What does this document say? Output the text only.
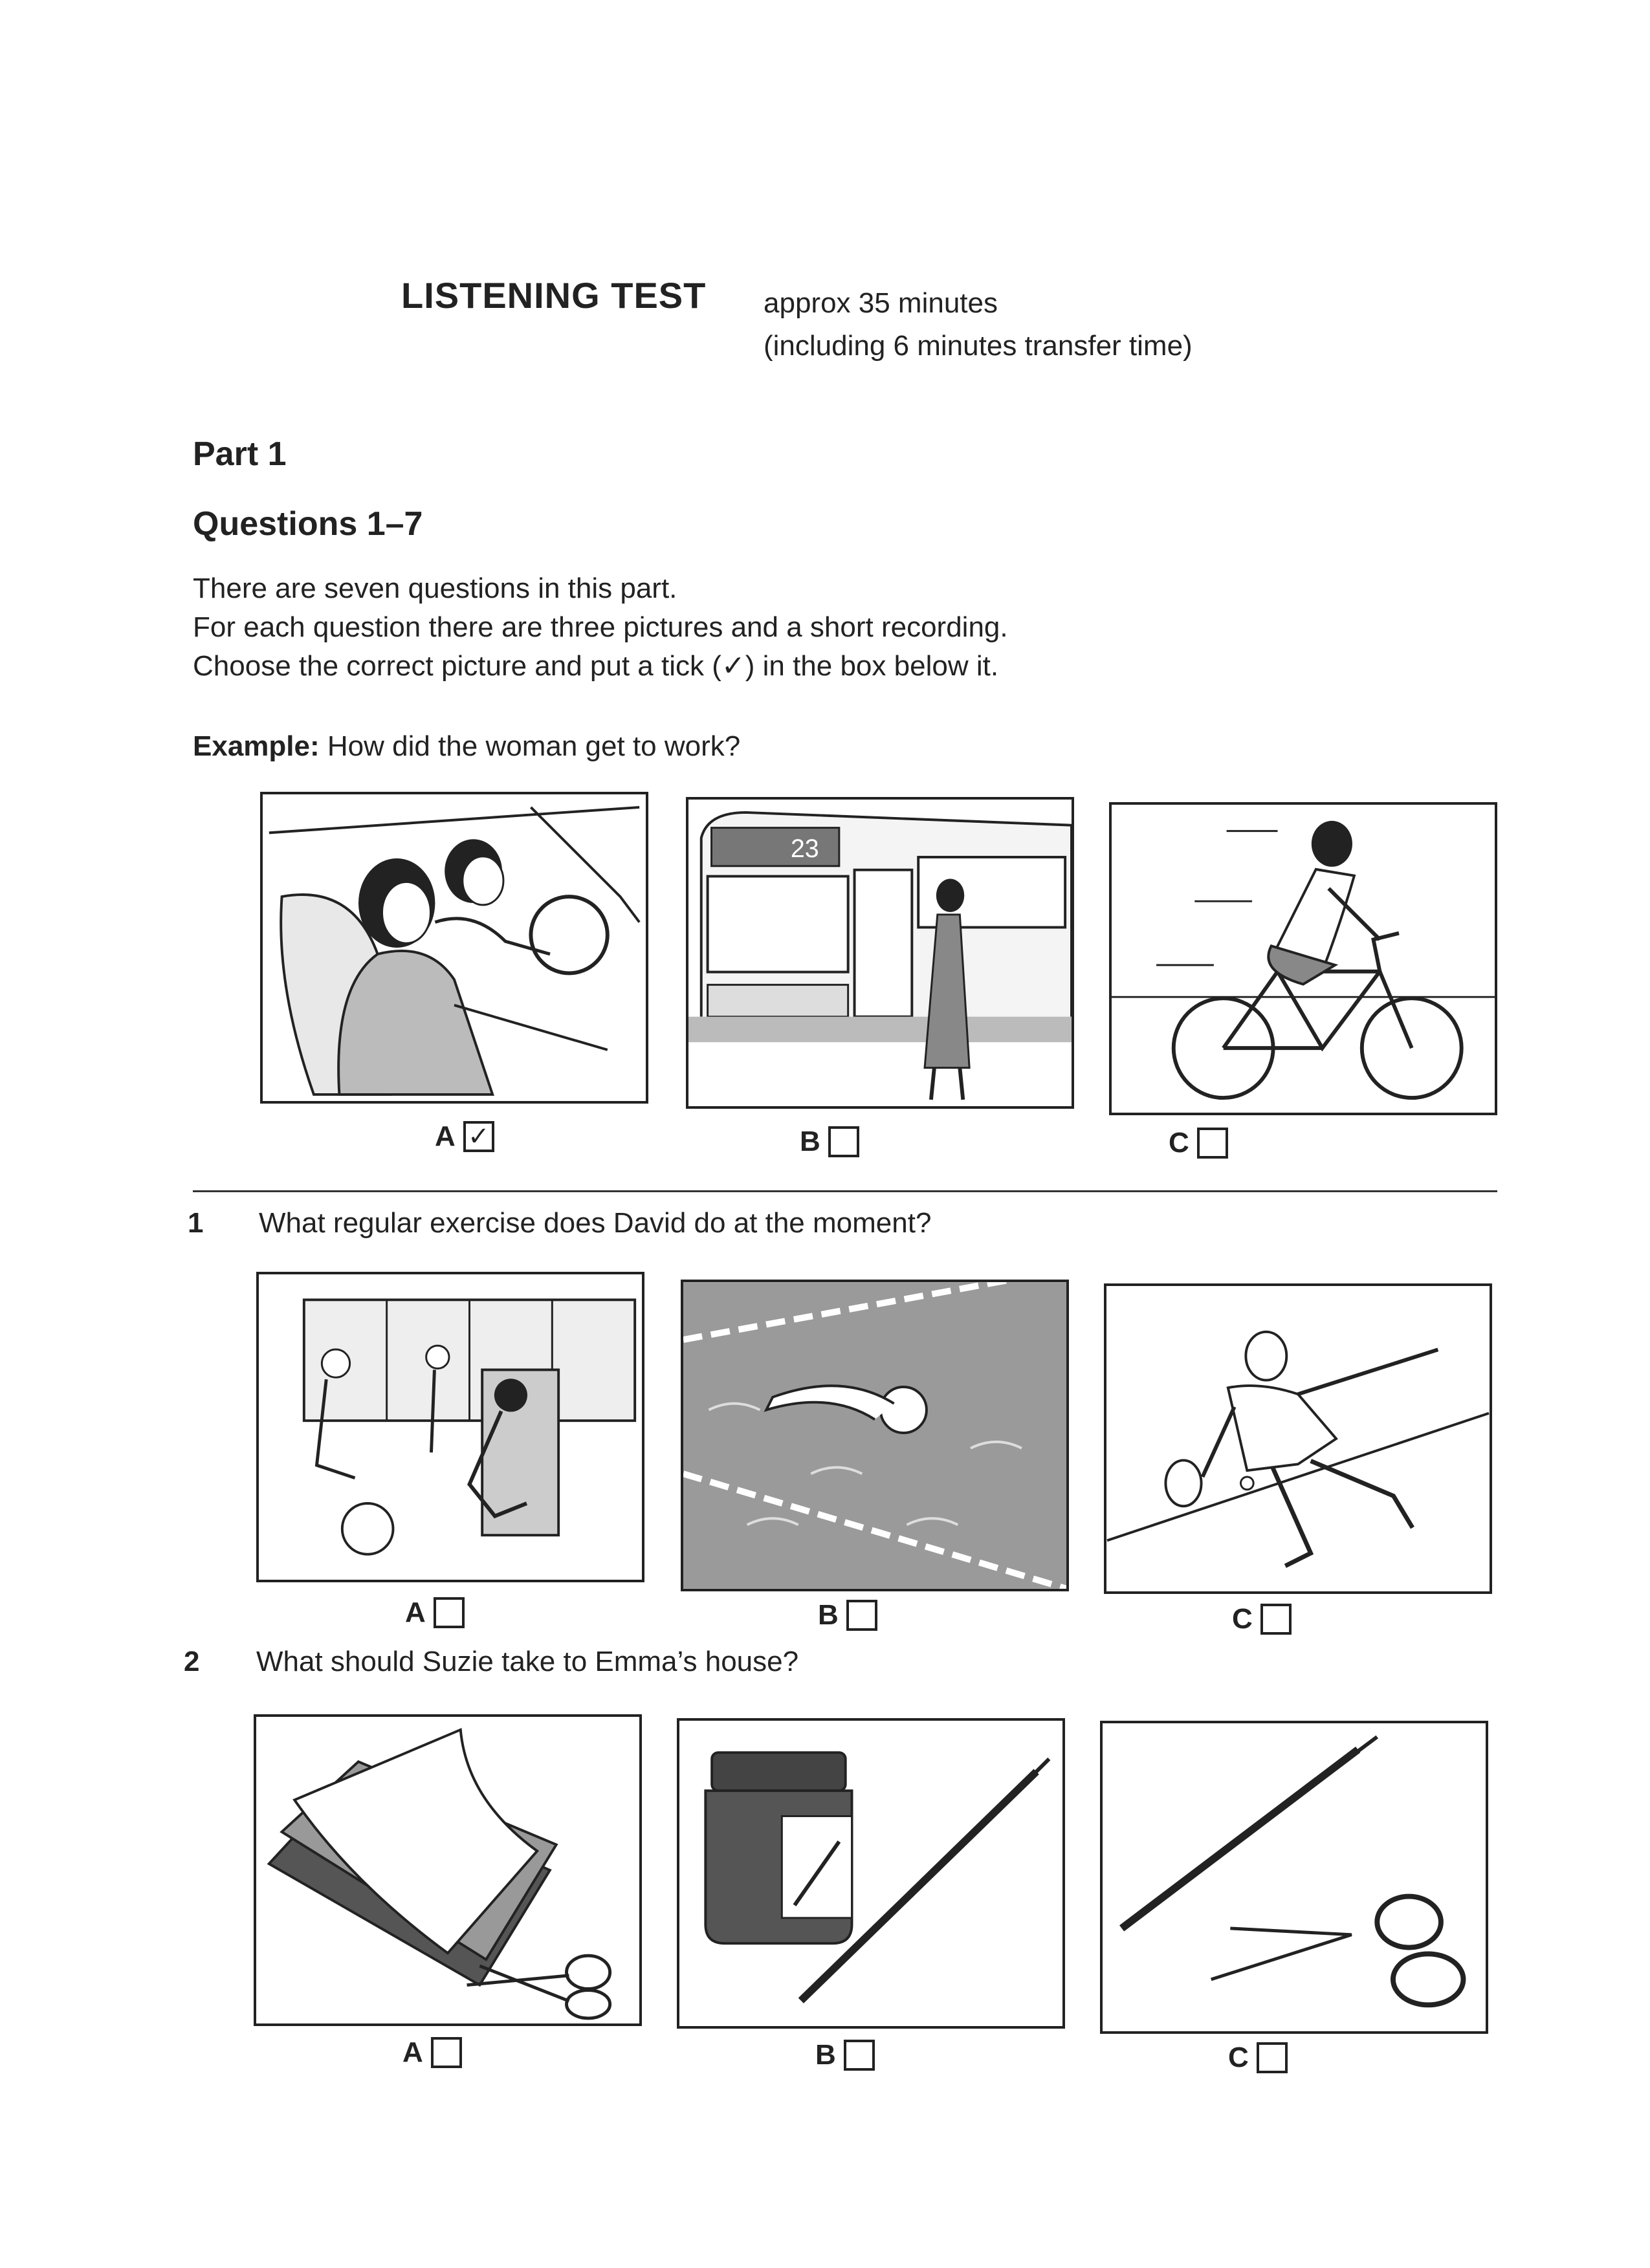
LISTENING TEST approx 35 minutes
(including 6 minutes transfer time)
Part 1
Questions 1–7
There are seven questions in this part.
For each question there are three pictures and a short recording.
Choose the correct picture and put a tick (✓) in the box below it.
Example: How did the woman get to work?
23
A ✓	B	C
1 What regular exercise does David do at the moment?
A	B	C
2 What should Suzie take to Emma’s house?
A	B	C
